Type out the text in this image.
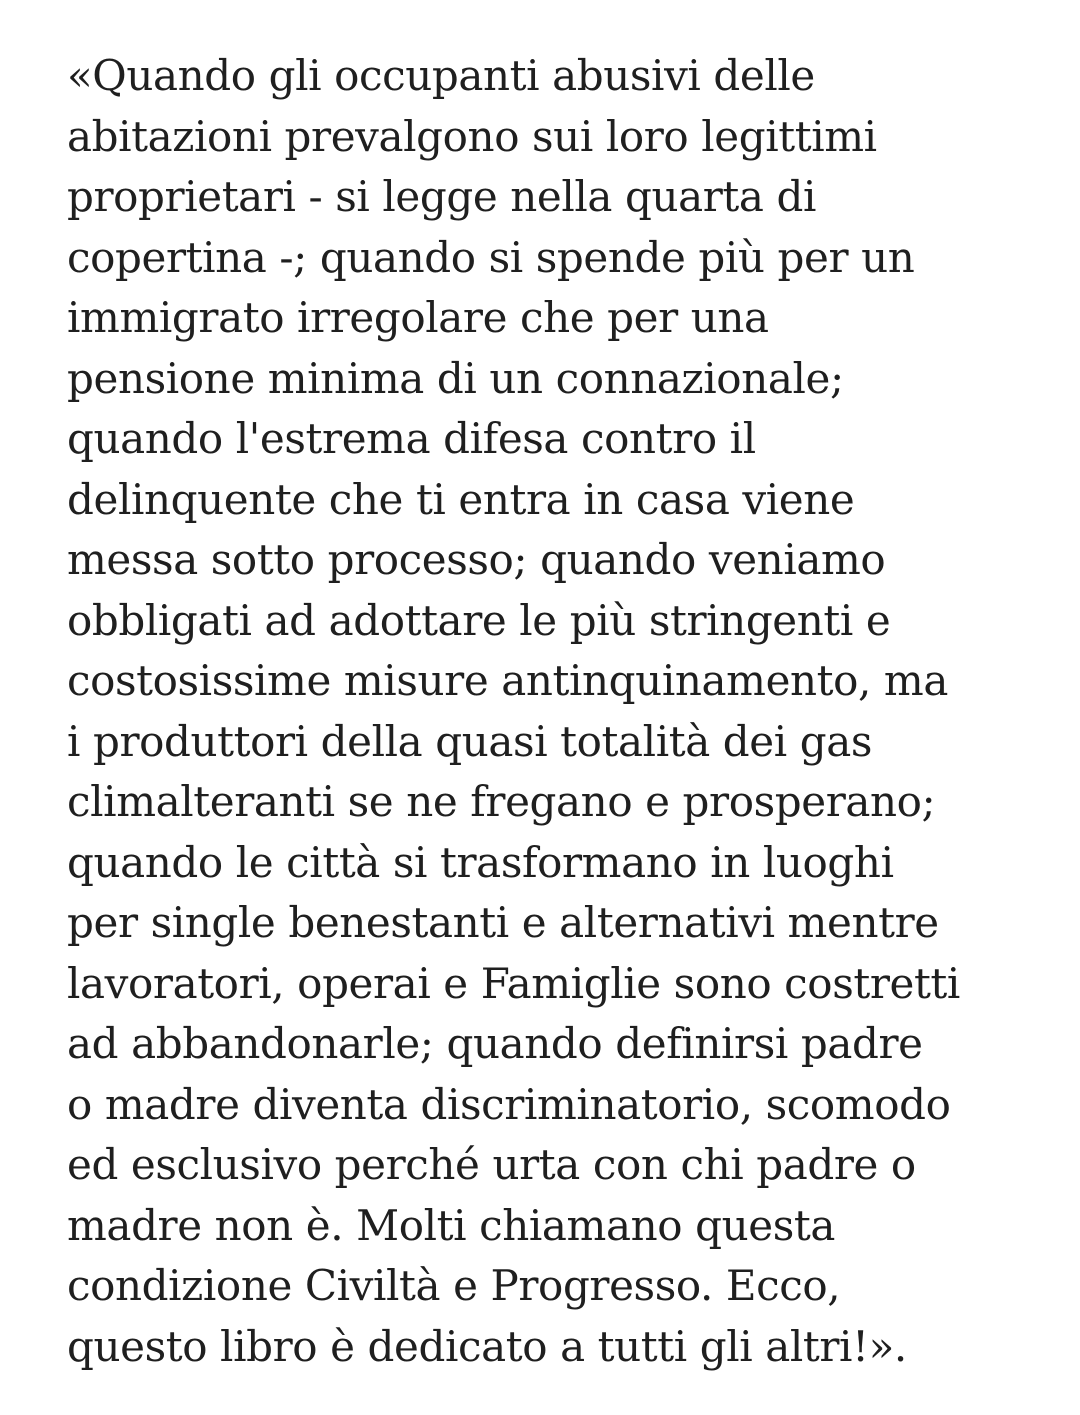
«Quando gli occupanti abusivi delle
abitazioni prevalgono sui loro legittimi
proprietari - si legge nella quarta di
copertina -; quando si spende più per un
immigrato irregolare che per una
pensione minima di un connazionale;
quando l'estrema difesa contro il
delinquente che ti entra in casa viene
messa sotto processo; quando veniamo
obbligati ad adottare le più stringenti e
costosissime misure antinquinamento, ma
i produttori della quasi totalità dei gas
climalteranti se ne fregano e prosperano;
quando le città si trasformano in luoghi
per single benestanti e alternativi mentre
lavoratori, operai e Famiglie sono costretti
ad abbandonarle; quando definirsi padre
o madre diventa discriminatorio, scomodo
ed esclusivo perché urta con chi padre o
madre non è. Molti chiamano questa
condizione Civiltà e Progresso. Ecco,
questo libro è dedicato a tutti gli altri!».
